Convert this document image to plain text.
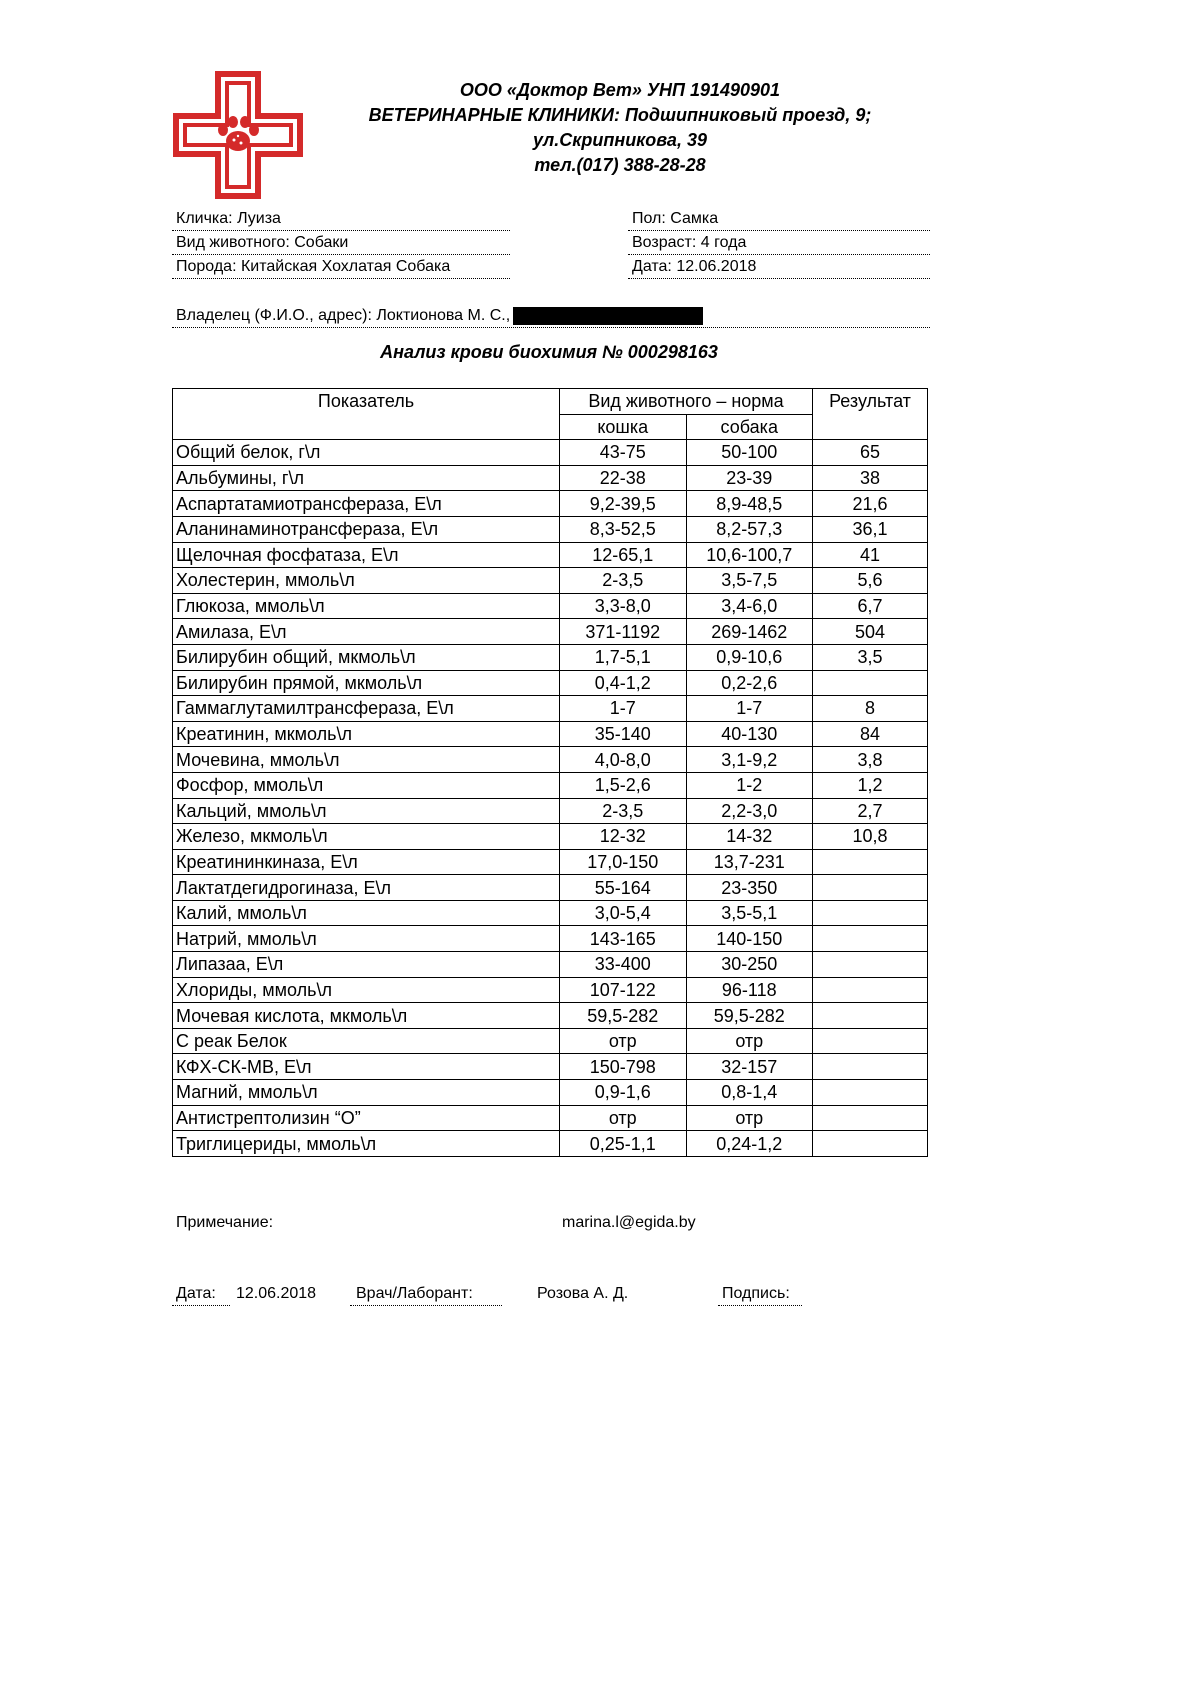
ООО «Доктор Вет» УНП 191490901
ВЕТЕРИНАРНЫЕ КЛИНИКИ: Подшипниковый проезд, 9;
ул.Скрипникова, 39
тел.(017) 388-28-28
Кличка: Луиза
Вид животного: Собаки
Порода: Китайская Хохлатая Собака
Пол: Самка
Возраст: 4 года
Дата: 12.06.2018
Владелец (Ф.И.О., адрес): Локтионова М. С.,
Анализ крови биохимия № 000298163
Показатель	Вид животного – норма		Результат
	кошка	собака	
Общий белок, г\л	43-75	50-100	65
Альбумины, г\л	22-38	23-39	38
Аспартатамиотрансфераза, Е\л	9,2-39,5	8,9-48,5	21,6
Аланинаминотрансфераза, Е\л	8,3-52,5	8,2-57,3	36,1
Щелочная фосфатаза, Е\л	12-65,1	10,6-100,7	41
Холестерин, ммоль\л	2-3,5	3,5-7,5	5,6
Глюкоза, ммоль\л	3,3-8,0	3,4-6,0	6,7
Амилаза, Е\л	371-1192	269-1462	504
Билирубин общий, мкмоль\л	1,7-5,1	0,9-10,6	3,5
Билирубин прямой, мкмоль\л	0,4-1,2	0,2-2,6	
Гаммаглутамилтрансфераза, Е\л	1-7	1-7	8
Креатинин, мкмоль\л	35-140	40-130	84
Мочевина, ммоль\л	4,0-8,0	3,1-9,2	3,8
Фосфор, ммоль\л	1,5-2,6	1-2	1,2
Кальций, ммоль\л	2-3,5	2,2-3,0	2,7
Железо, мкмоль\л	12-32	14-32	10,8
Креатининкиназа, Е\л	17,0-150	13,7-231	
Лактатдегидрогиназа, Е\л	55-164	23-350	
Калий, ммоль\л	3,0-5,4	3,5-5,1	
Натрий, ммоль\л	143-165	140-150	
Липазаа, Е\л	33-400	30-250	
Хлориды, ммоль\л	107-122	96-118	
Мочевая кислота, мкмоль\л	59,5-282	59,5-282	
С реак Белок	отр	отр	
КФХ-СК-МВ, Е\л	150-798	32-157	
Магний, ммоль\л	0,9-1,6	0,8-1,4	
Антистрептолизин “О”	отр	отр	
Триглицериды, ммоль\л	0,25-1,1	0,24-1,2	
Примечание:	marina.l@egida.by
Дата:	12.06.2018	Врач/Лаборант:	Розова А. Д.	Подпись:
